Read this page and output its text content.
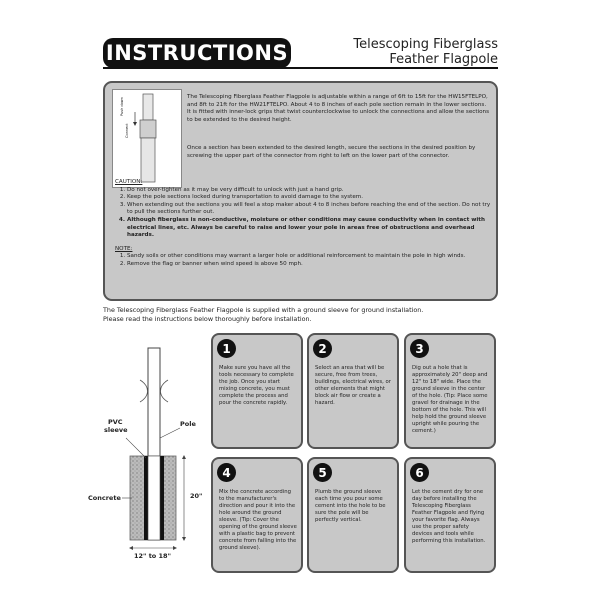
INSTRUCTIONS	Telescoping Fiberglass
Feather Flagpole
Push down
Connect
The Telescoping Fiberglass Feather Flagpole is adjustable within a range of 6ft to 15ft for the HW15FTELPO, and 8ft to 21ft for the HW21FTELPO. About 4 to 8 inches of each pole section remain in the lower sections. It is fitted with inner-lock grips that twist counterclockwise to unlock the connections and allow the sections to be extended to the desired height.
Once a section has been extended to the desired length, secure the sections in the desired position by screwing the upper part of the connector from right to left on the lower part of the connector.
CAUTION:
1. Do not over-tighten as it may be very difficult to unlock with just a hand grip.
2. Keep the pole sections locked during transportation to avoid damage to the system.
3. When extending out the sections you will feel a stop maker about 4 to 8 inches before reaching the end of the section. Do not try to pull the sections further out.
4. Although fiberglass is non-conductive, moisture or other conditions may cause conductivity when in contact with electrical lines, etc. Always be careful to raise and lower your pole in areas free of obstructions and overhead hazards.
NOTE:
1. Sandy soils or other conditions may warrant a larger hole or additional reinforcement to maintain the pole in high winds.
2. Remove the flag or banner when wind speed is above 50 mph.
The Telescoping Fiberglass Feather Flagpole is supplied with a ground sleeve for ground installation.
Please read the instructions below thoroughly before installation.
PVC
sleeve
Pole
Concrete	20"
12" to 18"
1
Make sure you have all the tools necessary to complete the job. Once you start mixing concrete, you must complete the process and pour the concrete rapidly.
2
Select an area that will be secure, free from trees, buildings, electrical wires, or other elements that might block air flow or create a hazard.
3
Dig out a hole that is approximately 20" deep and 12" to 18" wide. Place the ground sleeve in the center of the hole. (Tip: Place some gravel for drainage in the bottom of the hole. This will help hold the ground sleeve upright while pouring the cement.)
4
Mix the concrete according to the manufacturer's direction and pour it into the hole around the ground sleeve. (Tip: Cover the opening of the ground sleeve with a plastic bag to prevent concrete from falling into the ground sleeve).
5
Plumb the ground sleeve each time you pour some cement into the hole to be sure the pole will be perfectly vertical.
6
Let the cement dry for one day before installing the Telescoping Fiberglass Feather Flagpole and flying your favorite flag. Always use the proper safety devices and tools while performing this installation.
